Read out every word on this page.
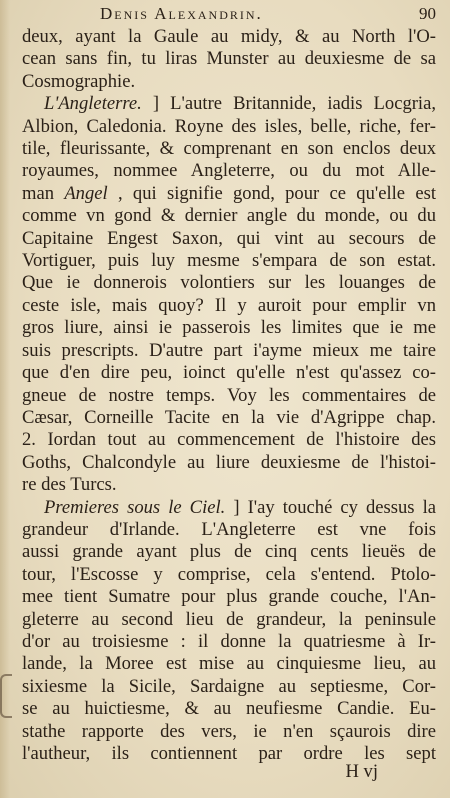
Denis Alexandrin.	90
deux, ayant la Gaule au midy, & au North l'O-
cean sans fin, tu liras Munster au deuxiesme de sa
Cosmographie.
L'Angleterre. ] L'autre Britannide, iadis Locgria,
Albion, Caledonia. Royne des isles, belle, riche, fer-
tile, fleurissante, & comprenant en son enclos deux
royaumes, nommee Angleterre, ou du mot Alle-
man Angel , qui signifie gond, pour ce qu'elle est
comme vn gond & dernier angle du monde, ou du
Capitaine Engest Saxon, qui vint au secours de
Vortiguer, puis luy mesme s'empara de son estat.
Que ie donnerois volontiers sur les louanges de
ceste isle, mais quoy? Il y auroit pour emplir vn
gros liure, ainsi ie passerois les limites que ie me
suis prescripts. D'autre part i'ayme mieux me taire
que d'en dire peu, ioinct qu'elle n'est qu'assez co-
gneue de nostre temps. Voy les commentaires de
Cæsar, Corneille Tacite en la vie d'Agrippe chap.
2. Iordan tout au commencement de l'histoire des
Goths, Chalcondyle au liure deuxiesme de l'histoi-
re des Turcs.
Premieres sous le Ciel. ] I'ay touché cy dessus la
grandeur d'Irlande. L'Angleterre est vne fois
aussi grande ayant plus de cinq cents lieuës de
tour, l'Escosse y comprise, cela s'entend. Ptolo-
mee tient Sumatre pour plus grande couche, l'An-
gleterre au second lieu de grandeur, la peninsule
d'or au troisiesme : il donne la quatriesme à Ir-
lande, la Moree est mise au cinquiesme lieu, au
sixiesme la Sicile, Sardaigne au septiesme, Cor-
se au huictiesme, & au neufiesme Candie. Eu-
stathe rapporte des vers, ie n'en sçaurois dire
l'autheur, ils contiennent par ordre les sept
H vj
